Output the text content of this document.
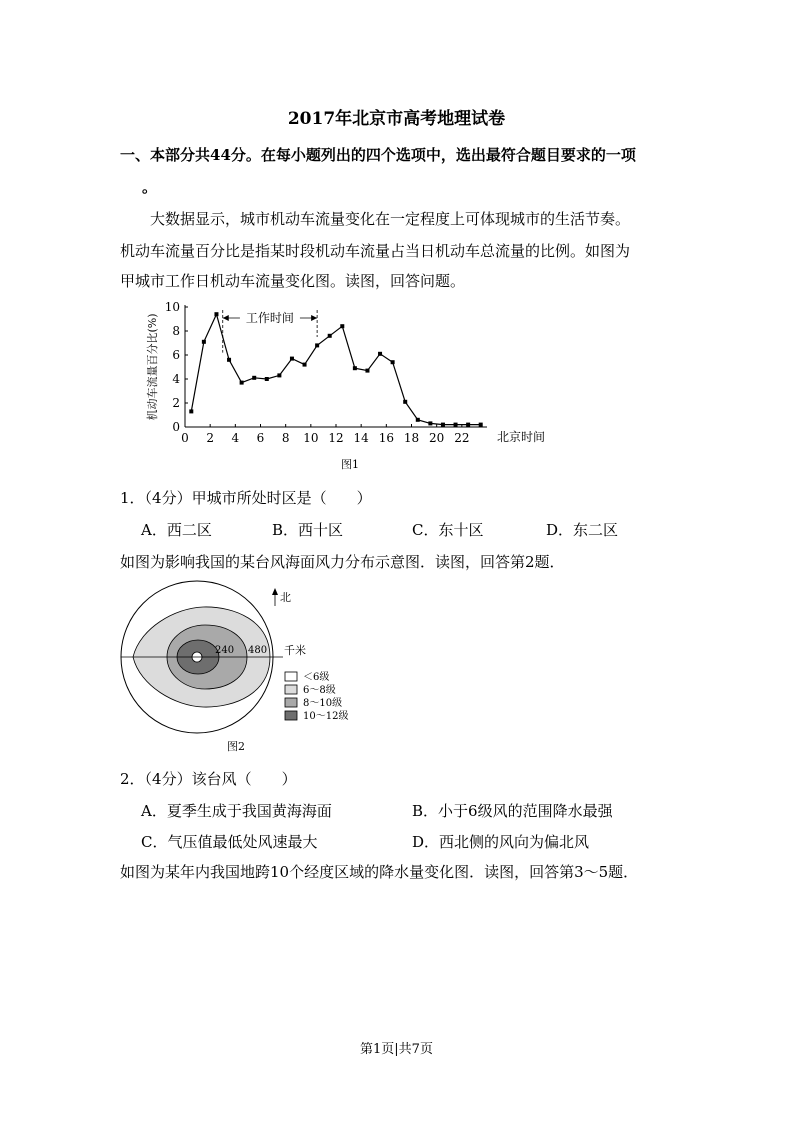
2017年北京市高考地理试卷
一、本部分共44分。在每小题列出的四个选项中，选出最符合题目要求的一项
。
大数据显示，城市机动车流量变化在一定程度上可体现城市的生活节奏。
机动车流量百分比是指某时段机动车流量占当日机动车总流量的比例。如图为
甲城市工作日机动车流量变化图。读图，回答问题。
0
2
4
6
8
10
0 2 4 6 8 10 12 14 16 18 20 22 北京时间
机动车流量百分比(%)	工作时间
图1
1．（4分）甲城市所处时区是（　　）
A．西二区	B．西十区	C．东十区	D．东二区
如图为影响我国的某台风海面风力分布示意图．读图，回答第2题．
240 480 千米
北
＜6级
6～8级
8～10级
10～12级
图2
2．（4分）该台风（　　）
A．夏季生成于我国黄海海面	B．小于6级风的范围降水最强
C．气压值最低处风速最大	D．西北侧的风向为偏北风
如图为某年内我国地跨10个经度区域的降水量变化图．读图，回答第3～5题．
第1页|共7页
